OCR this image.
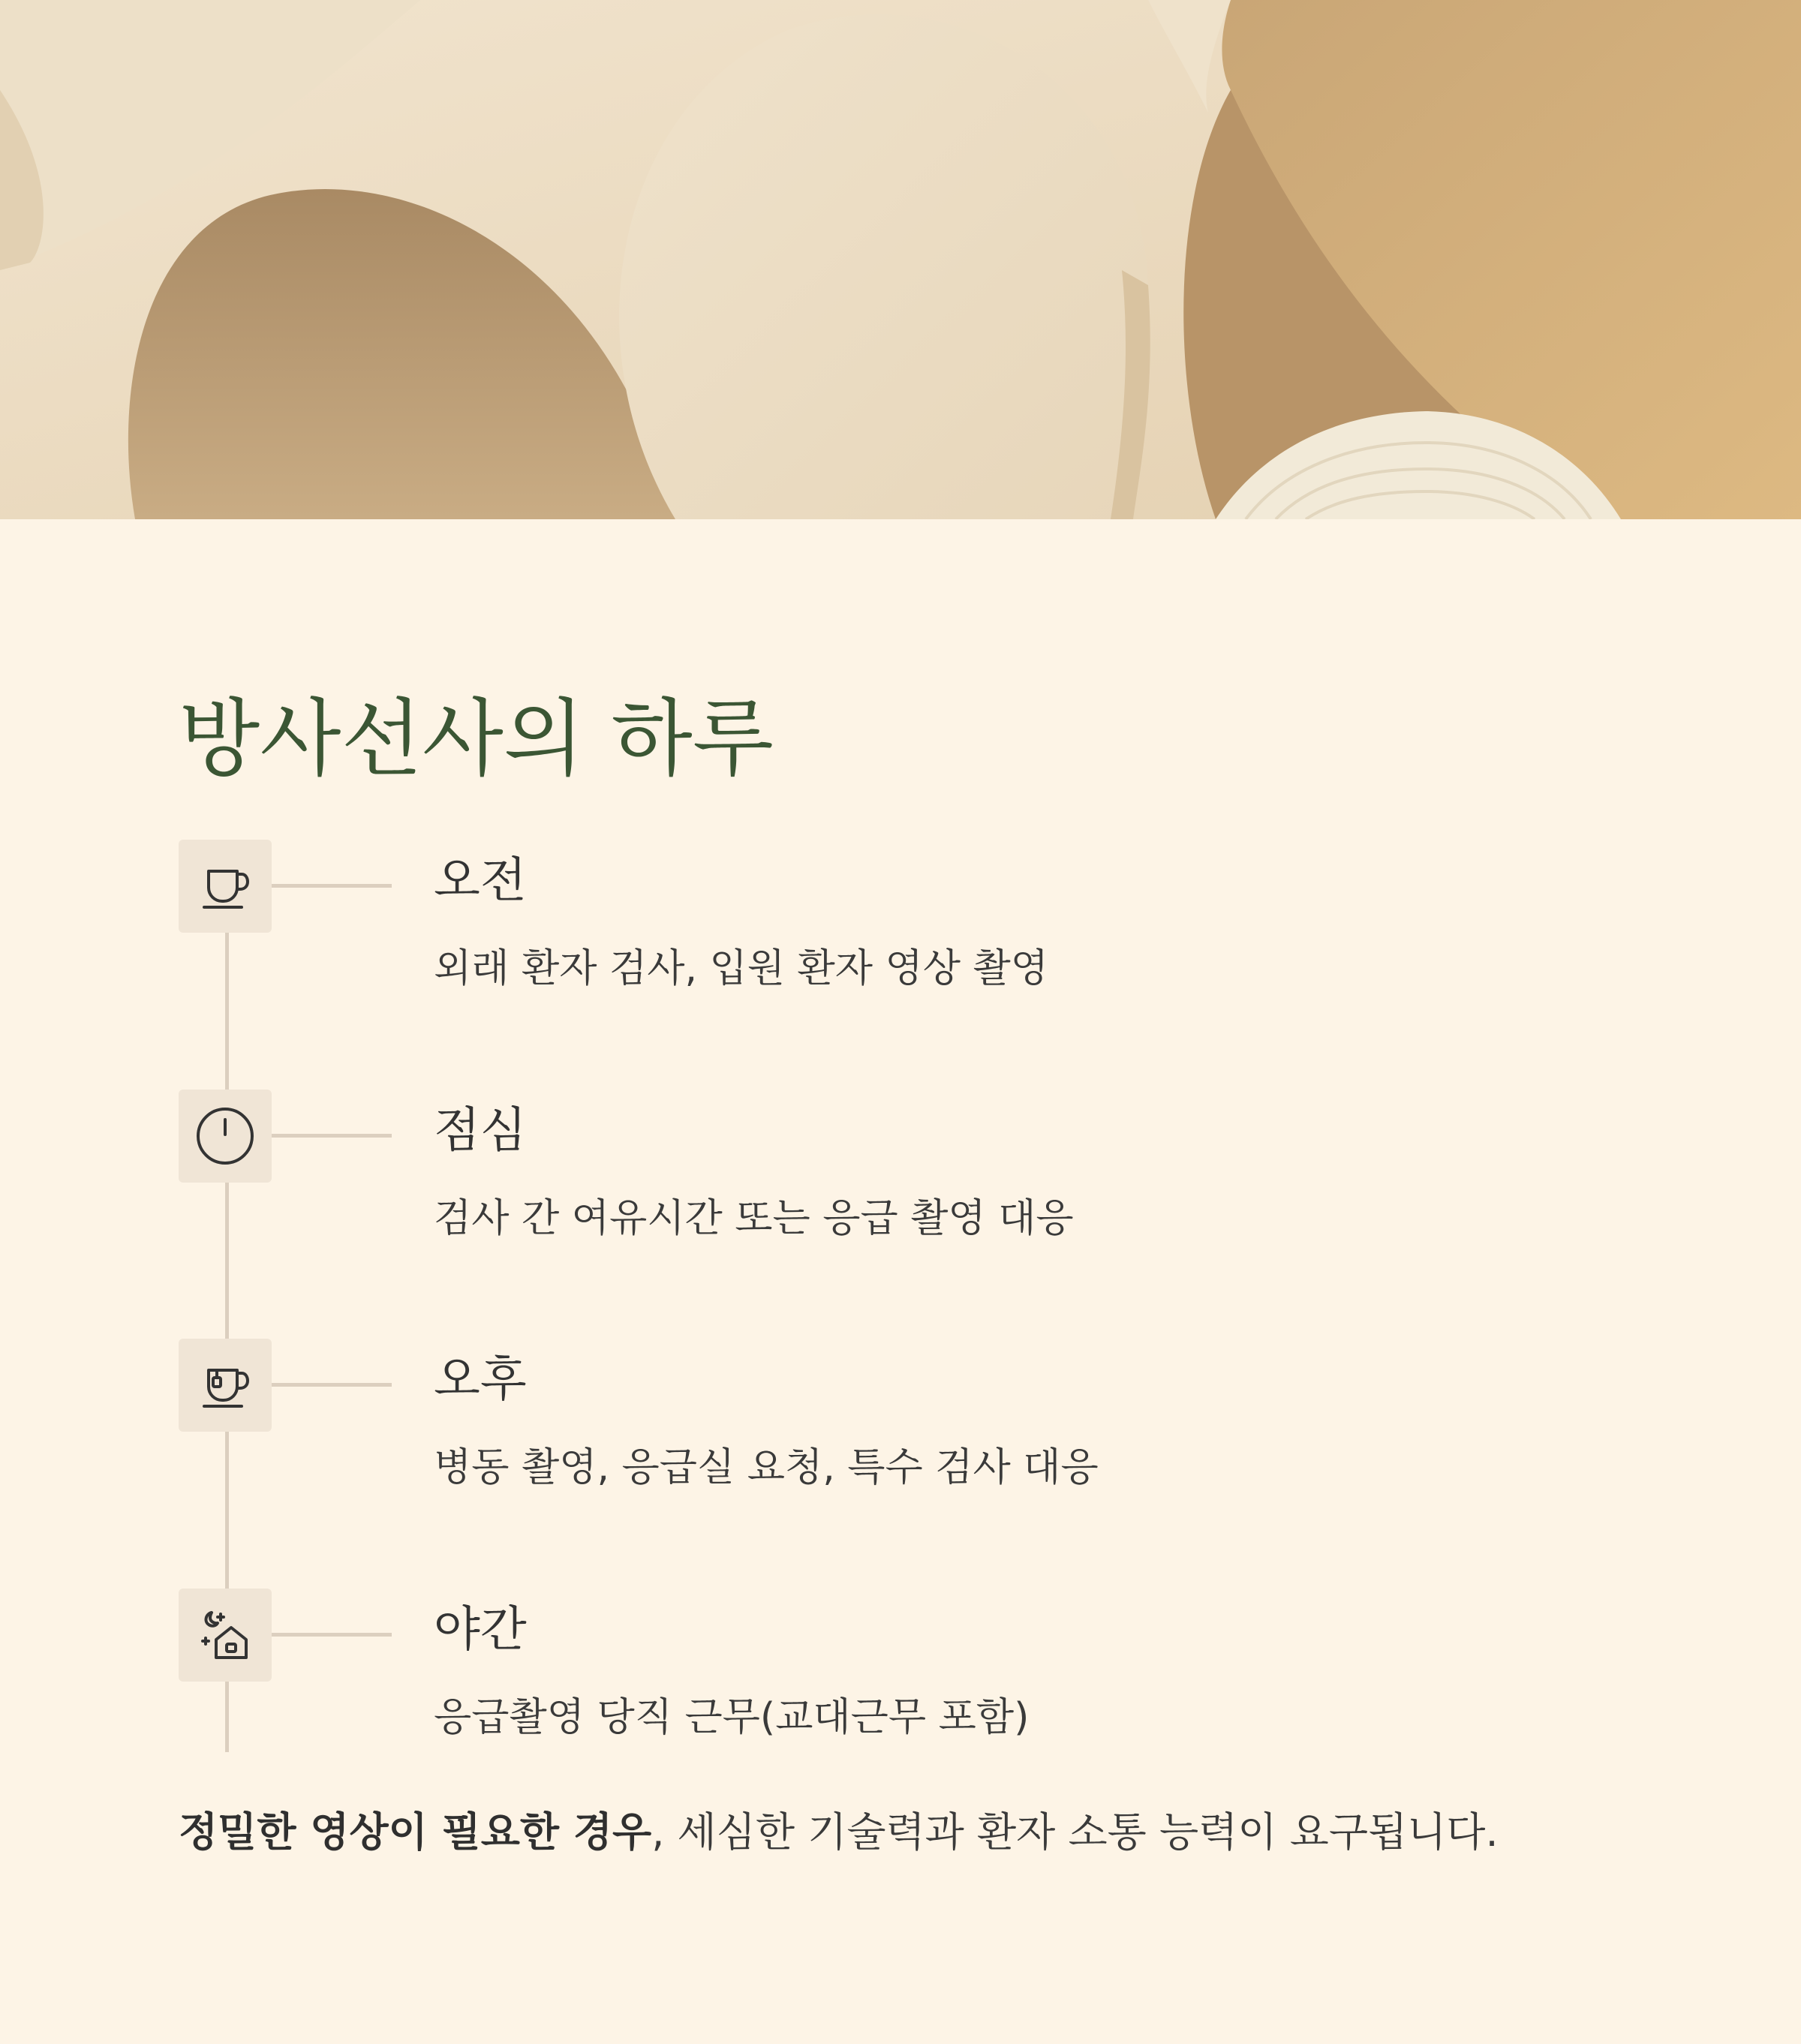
방사선사의 하루
오전

외래 환자 검사, 입원 환자 영상 촬영

점심

검사 간 여유시간 또는 응급 촬영 대응

오후

병동 촬영, 응급실 요청, 특수 검사 대응

야간

응급촬영 당직 근무(교대근무 포함)

정밀한 영상이 필요한 경우, 세심한 기술력과 환자 소통 능력이 요구됩니다.
